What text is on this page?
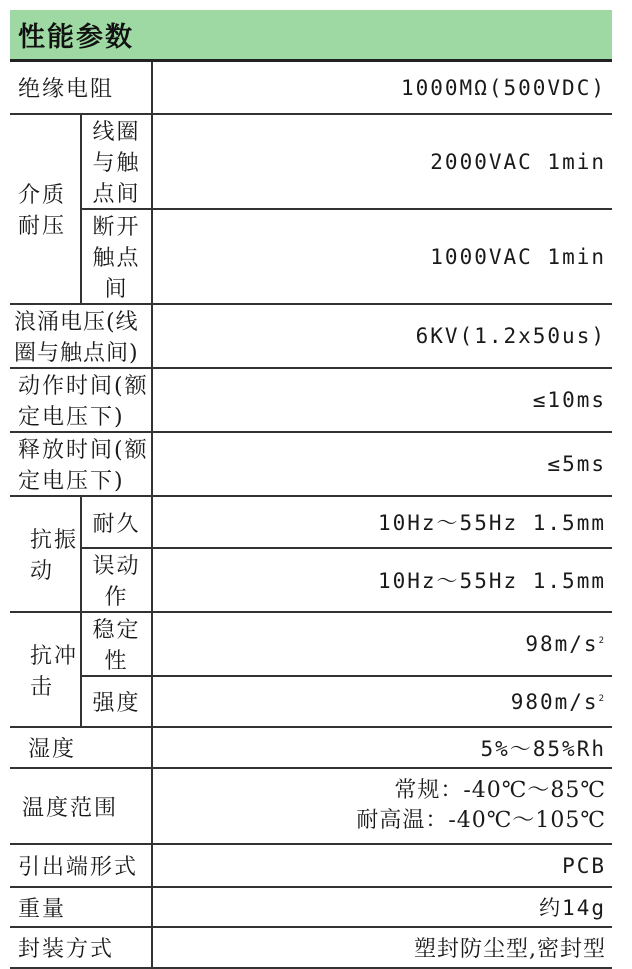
性能参数
绝缘电阻		1000MΩ(500VDC)
介质耐压	线圈与触点间	2000VAC 1min
	断开触点间	1000VAC 1min
浪涌电压(线圈与触点间)		6KV(1.2x50us)
动作时间(额定电压下)		≤10ms
释放时间(额定电压下)		≤5ms
抗振动	耐久	10Hz～55Hz 1.5mm
	误动作	10Hz～55Hz 1.5mm
抗冲击	稳定性	$98m/s^2$
	强度	$980m/s^2$
湿度		5%～85%Rh
温度范围		常规：-40℃～85℃
耐高温：-40℃～105℃

引出端形式		PCB
重量		约14g
封装方式		塑封防尘型,密封型
